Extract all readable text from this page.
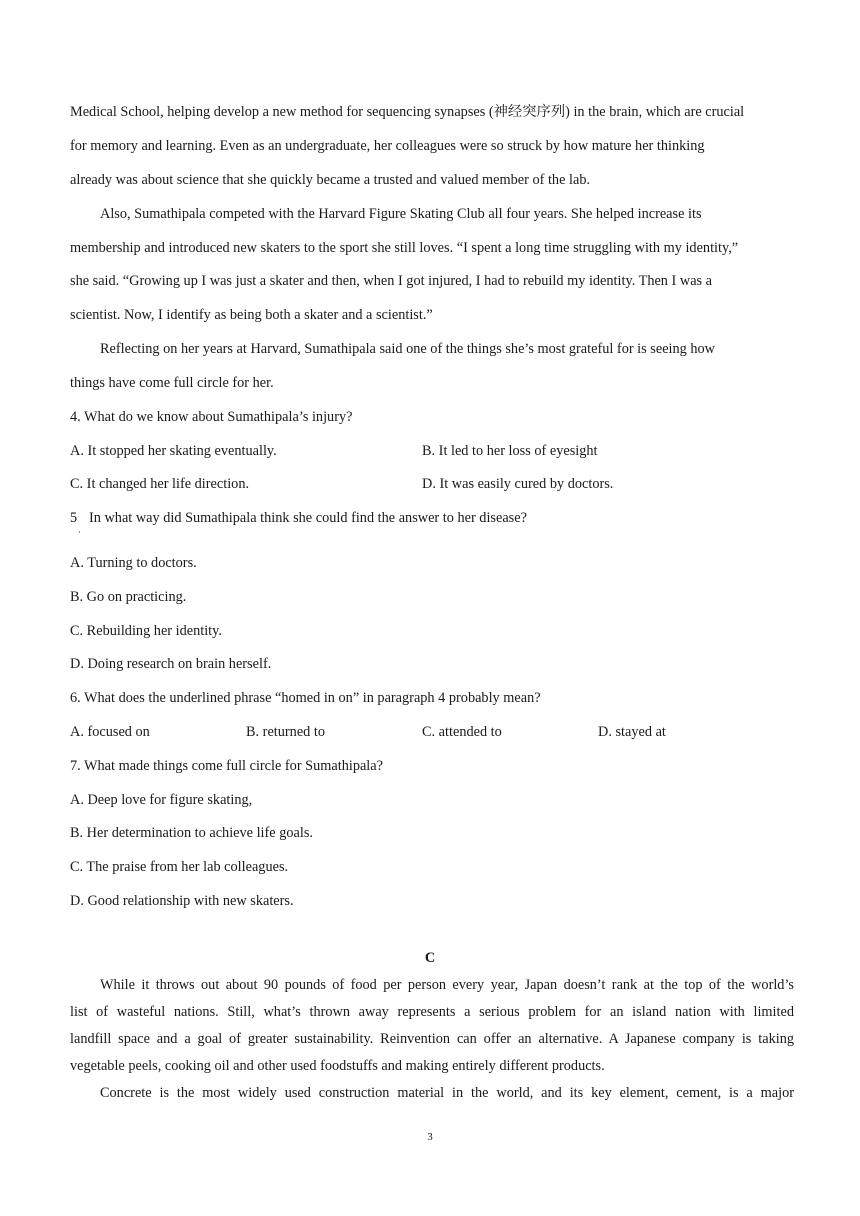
Medical School, helping develop a new method for sequencing synapses (神经突序列) in the brain, which are crucial
for memory and learning. Even as an undergraduate, her colleagues were so struck by how mature her thinking
already was about science that she quickly became a trusted and valued member of the lab.
Also, Sumathipala competed with the Harvard Figure Skating Club all four years. She helped increase its
membership and introduced new skaters to the sport she still loves. “I spent a long time struggling with my identity,”
she said. “Growing up I was just a skater and then, when I got injured, I had to rebuild my identity. Then I was a
scientist. Now, I identify as being both a skater and a scientist.”
Reflecting on her years at Harvard, Sumathipala said one of the things she’s most grateful for is seeing how
things have come full circle for her.
4. What do we know about Sumathipala’s injury?
A. It stopped her skating eventually.	B. It led to her loss of eyesight
C. It changed her life direction.	D. It was easily cured by doctors.
5
·
In what way did Sumathipala think she could find the answer to her disease?
A. Turning to doctors.
B. Go on practicing.
C. Rebuilding her identity.
D. Doing research on brain herself.
6. What does the underlined phrase “homed in on” in paragraph 4 probably mean?
A. focused on	B. returned to	C. attended to	D. stayed at
7. What made things come full circle for Sumathipala?
A. Deep love for figure skating,
B. Her determination to achieve life goals.
C. The praise from her lab colleagues.
D. Good relationship with new skaters.
C
While it throws out about 90 pounds of food per person every year, Japan doesn’t rank at the top of the world’s
list of wasteful nations. Still, what’s thrown away represents a serious problem for an island nation with limited
landfill space and a goal of greater sustainability. Reinvention can offer an alternative. A Japanese company is taking
vegetable peels, cooking oil and other used foodstuffs and making entirely different products.
Concrete is the most widely used construction material in the world, and its key element, cement, is a major
3
